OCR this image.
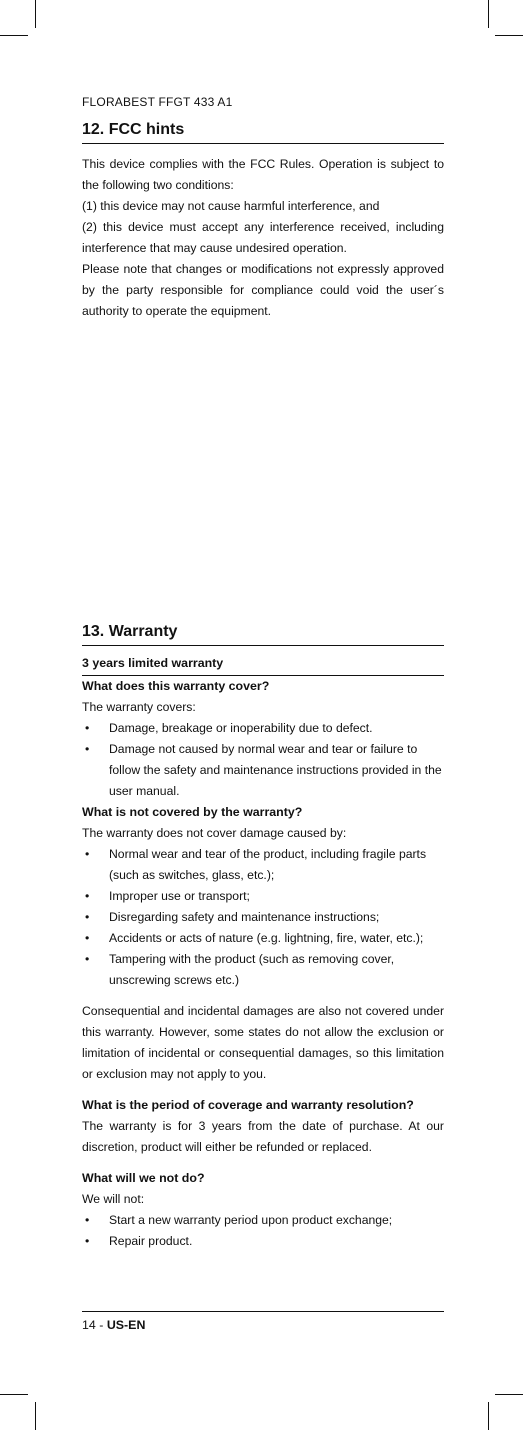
FLORABEST FFGT 433 A1
12. FCC hints

This device complies with the FCC Rules. Operation is subject to the following two conditions:

(1) this device may not cause harmful interference, and

(2) this device must accept any interference received, including interference that may cause undesired operation.

Please note that changes or modifications not expressly approved by the party responsible for compliance could void the user´s authority to operate the equipment.

13. Warranty
3 years limited warranty
What does this warranty cover?

The warranty covers:

• Damage, breakage or inoperability due to defect.
• Damage not caused by normal wear and tear or failure to follow the safety and maintenance instructions provided in the user manual.
What is not covered by the warranty?

The warranty does not cover damage caused by:

• Normal wear and tear of the product, including fragile parts (such as switches, glass, etc.);
• Improper use or transport;
• Disregarding safety and maintenance instructions;
• Accidents or acts of nature (e.g. lightning, fire, water, etc.);
• Tampering with the product (such as removing cover, unscrewing screws etc.)

Consequential and incidental damages are also not covered under this warranty. However, some states do not allow the exclusion or limitation of incidental or consequential damages, so this limitation or exclusion may not apply to you.

What is the period of coverage and warranty resolution?

The warranty is for 3 years from the date of purchase. At our discretion, product will either be refunded or replaced.

What will we not do?

We will not:

• Start a new warranty period upon product exchange;
• Repair product.
14 - US-EN
